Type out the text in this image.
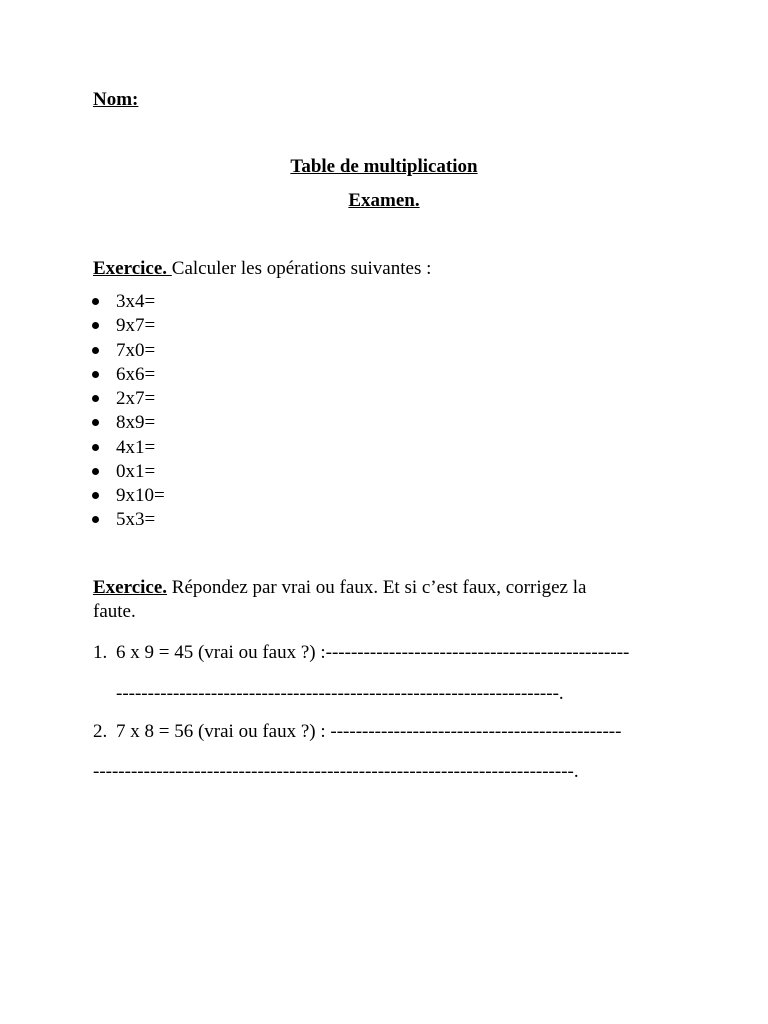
Nom:
Table de multiplication
Examen.
Exercice. Calculer les opérations suivantes :
3x4=
9x7=
7x0=
6x6=
2x7=
8x9=
4x1=
0x1=
9x10=
5x3=
Exercice. Répondez par vrai ou faux. Et si c’est faux, corrigez la
faute.
1. 6 x 9 = 45 (vrai ou faux ?) :------------------------------------------------
----------------------------------------------------------------------.
2. 7 x 8 = 56 (vrai ou faux ?) : ----------------------------------------------
----------------------------------------------------------------------------.
